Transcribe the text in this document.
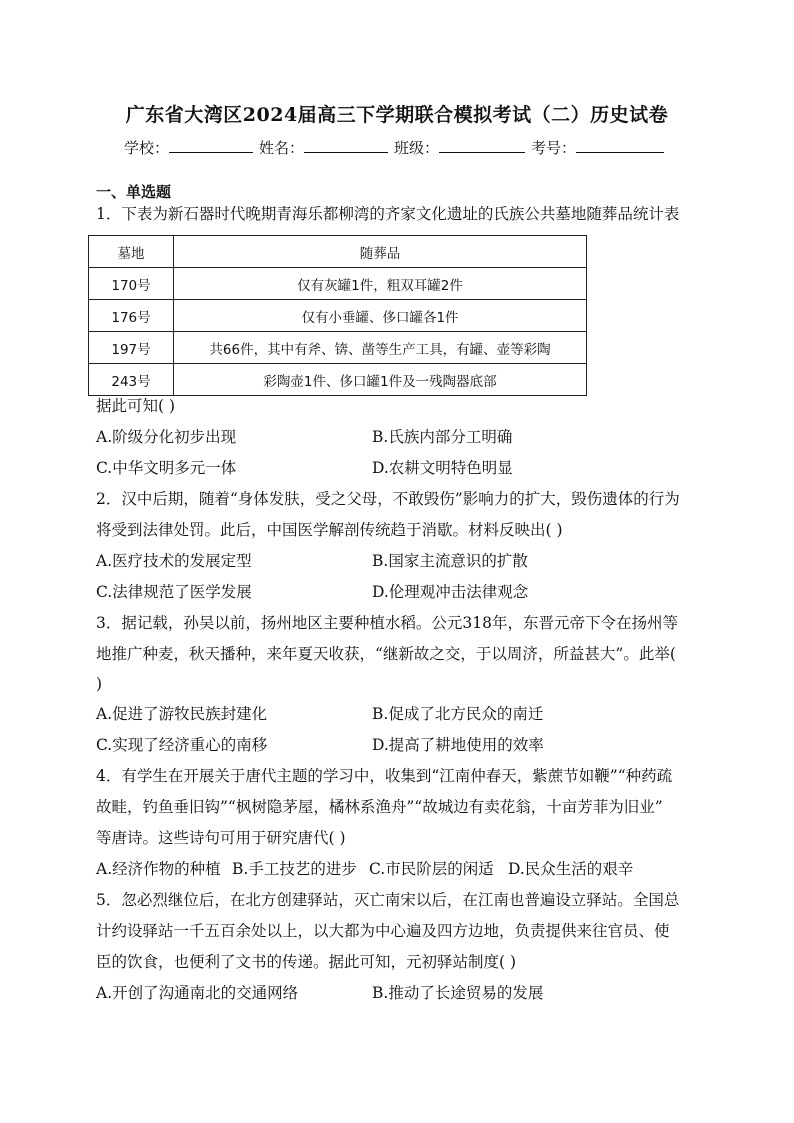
广东省大湾区2024届高三下学期联合模拟考试（二）历史试卷
学校：	姓名：	班级：	考号：
一、单选题
1．下表为新石器时代晚期青海乐都柳湾的齐家文化遗址的氏族公共墓地随葬品统计表
墓地	随葬品
170号	仅有灰罐1件，粗双耳罐2件
176号	仅有小垂罐、侈口罐各1件
197号	共66件，其中有斧、锛、凿等生产工具，有罐、壶等彩陶
243号	彩陶壶1件、侈口罐1件及一残陶器底部
据此可知( )
A.阶级分化初步出现	B.氏族内部分工明确
C.中华文明多元一体	D.农耕文明特色明显
2．汉中后期，随着“身体发肤，受之父母，不敢毁伤”影响力的扩大，毁伤遗体的行为
将受到法律处罚。此后，中国医学解剖传统趋于消歇。材料反映出( )
A.医疗技术的发展定型	B.国家主流意识的扩散
C.法律规范了医学发展	D.伦理观冲击法律观念
3．据记载，孙吴以前，扬州地区主要种植水稻。公元318年，东晋元帝下令在扬州等
地推广种麦，秋天播种，来年夏天收获，“继新故之交，于以周济，所益甚大”。此举(
)
A.促进了游牧民族封建化	B.促成了北方民众的南迁
C.实现了经济重心的南移	D.提高了耕地使用的效率
4．有学生在开展关于唐代主题的学习中，收集到“江南仲春天，紫蔗节如鞭”“种药疏
故畦，钓鱼垂旧钩”“枫树隐茅屋，橘林系渔舟”“故城边有卖花翁，十亩芳菲为旧业”
等唐诗。这些诗句可用于研究唐代( )
A.经济作物的种植 B.手工技艺的进步 C.市民阶层的闲适 D.民众生活的艰辛
5．忽必烈继位后，在北方创建驿站，灭亡南宋以后，在江南也普遍设立驿站。全国总
计约设驿站一千五百余处以上，以大都为中心遍及四方边地，负责提供来往官员、使
臣的饮食，也便利了文书的传递。据此可知，元初驿站制度( )
A.开创了沟通南北的交通网络	B.推动了长途贸易的发展
